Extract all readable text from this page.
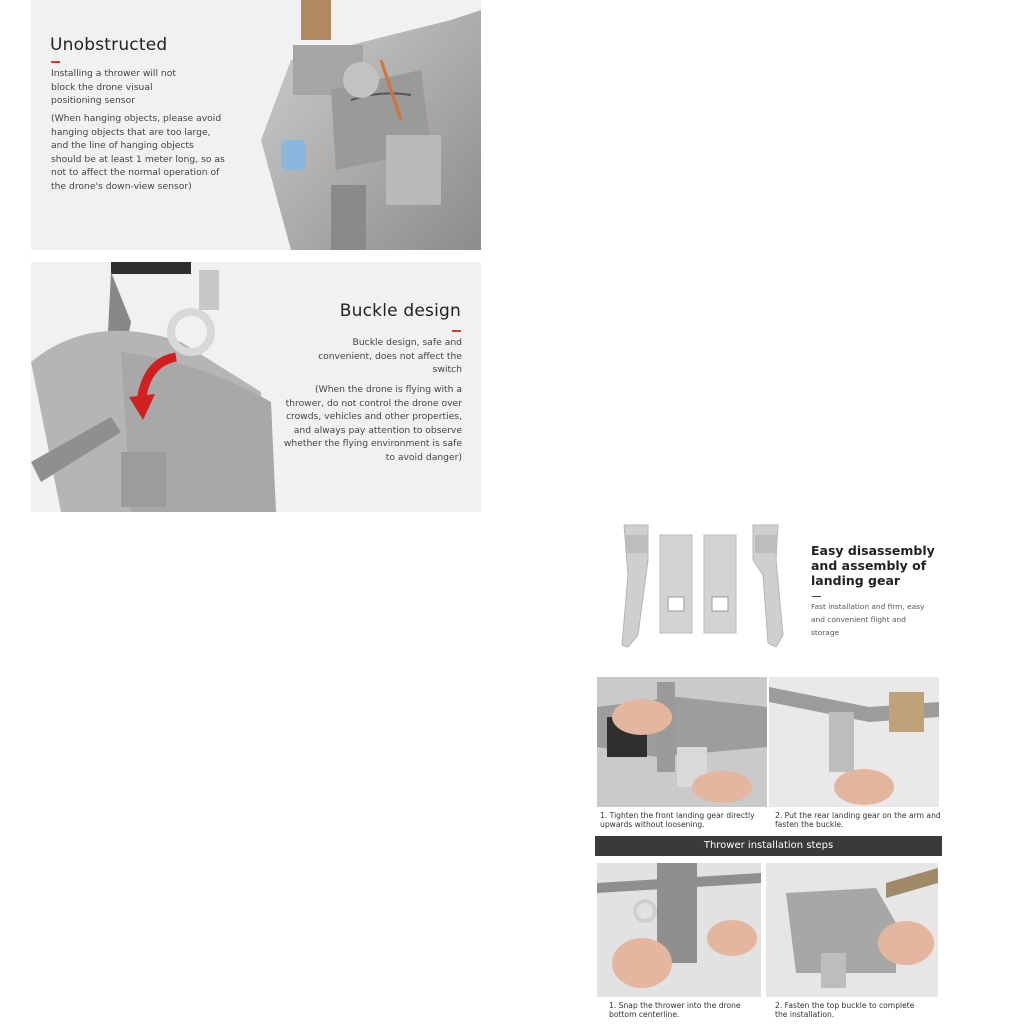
Unobstructed
Installing a thrower will not
block the drone visual
positioning sensor
(When hanging objects, please avoid
hanging objects that are too large,
and the line of hanging objects
should be at least 1 meter long, so as
not to affect the normal operation of
the drone's down-view sensor)
Buckle design
Buckle design, safe and
convenient, does not affect the
switch
(When the drone is flying with a
thrower, do not control the drone over
crowds, vehicles and other properties,
and always pay attention to observe
whether the flying environment is safe
to avoid danger)
Easy disassembly
and assembly of
landing gear
Fast installation and firm, easy
and convenient flight and
storage
1. Tighten the front landing gear directly
upwards without loosening.
2. Put the rear landing gear on the arm and
fasten the buckle.
Thrower installation steps
1. Snap the thrower into the drone
bottom centerline.
2. Fasten the top buckle to complete
the installation.
